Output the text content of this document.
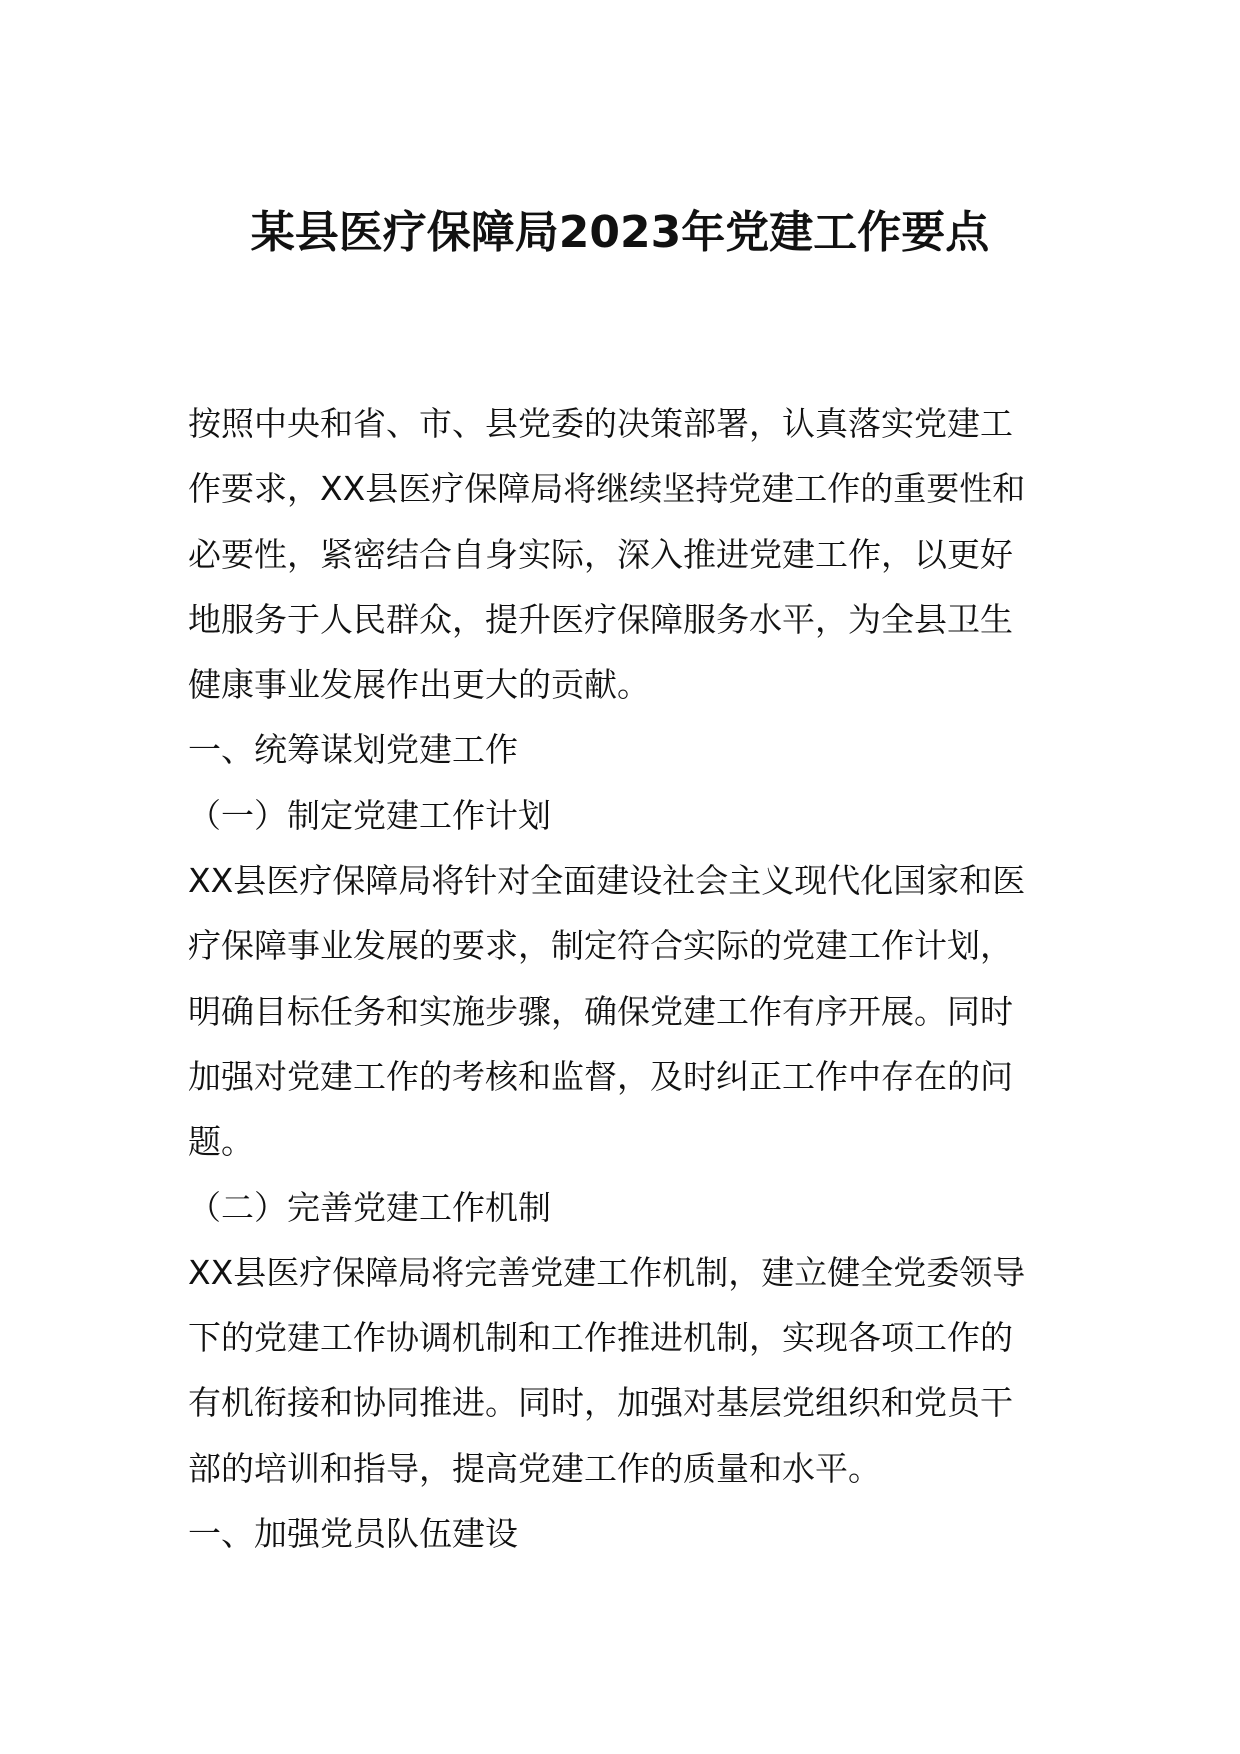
某县医疗保障局2023年党建工作要点
按照中央和省、市、县党委的决策部署，认真落实党建工
作要求，XX县医疗保障局将继续坚持党建工作的重要性和
必要性，紧密结合自身实际，深入推进党建工作，以更好
地服务于人民群众，提升医疗保障服务水平，为全县卫生
健康事业发展作出更大的贡献。
一、统筹谋划党建工作
（一）制定党建工作计划
XX县医疗保障局将针对全面建设社会主义现代化国家和医
疗保障事业发展的要求，制定符合实际的党建工作计划，
明确目标任务和实施步骤，确保党建工作有序开展。同时
加强对党建工作的考核和监督，及时纠正工作中存在的问
题。
（二）完善党建工作机制
XX县医疗保障局将完善党建工作机制，建立健全党委领导
下的党建工作协调机制和工作推进机制，实现各项工作的
有机衔接和协同推进。同时，加强对基层党组织和党员干
部的培训和指导，提高党建工作的质量和水平。
一、加强党员队伍建设
